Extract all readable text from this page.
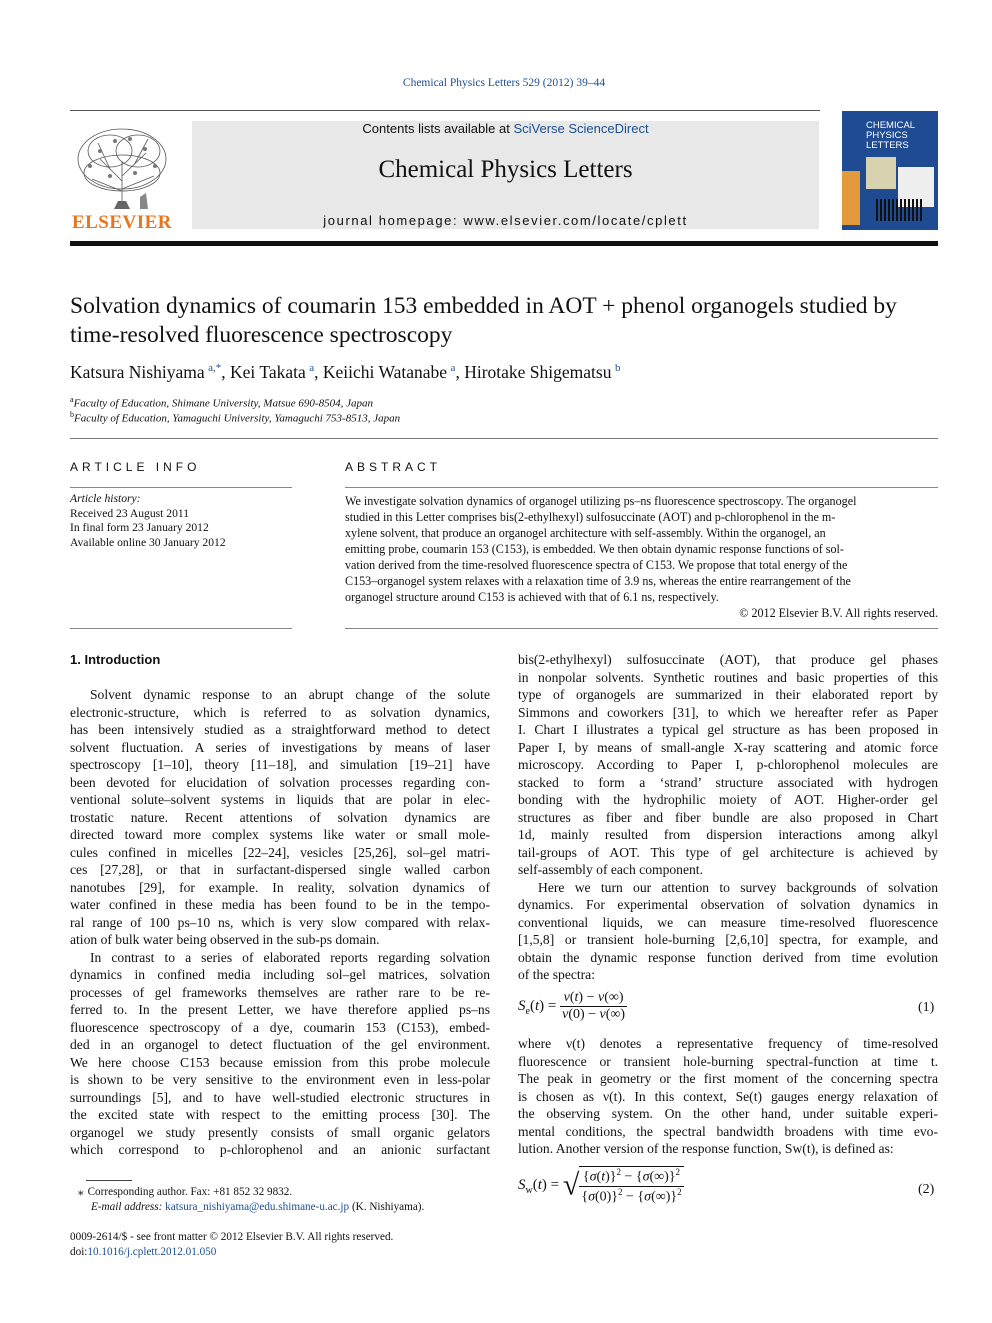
Chemical Physics Letters 529 (2012) 39–44
ELSEVIER
Contents lists available at SciVerse ScienceDirect
Chemical Physics Letters
journal homepage: www.elsevier.com/locate/cplett
CHEMICAL
PHYSICS
LETTERS
Solvation dynamics of coumarin 153 embedded in AOT + phenol organogels studied by time-resolved fluorescence spectroscopy
Katsura Nishiyama  $^{a,*}$, Kei Takata  $^a$, Keiichi Watanabe  $^a$, Hirotake Shigematsu  $^b$
$^a$Faculty of Education, Shimane University, Matsue 690-8504, Japan
$^b$Faculty of Education, Yamaguchi University, Yamaguchi 753-8513, Japan
ARTICLE INFO
Article history:
Received 23 August 2011
In final form 23 January 2012
Available online 30 January 2012
ABSTRACT
We investigate solvation dynamics of organogel utilizing ps–ns fluorescence spectroscopy. The organogel
studied in this Letter comprises bis(2-ethylhexyl) sulfosuccinate (AOT) and p-chlorophenol in the m-
xylene solvent, that produce an organogel architecture with self-assembly. Within the organogel, an
emitting probe, coumarin 153 (C153), is embedded. We then obtain dynamic response functions of sol-
vation derived from the time-resolved fluorescence spectra of C153. We propose that total energy of the
C153–organogel system relaxes with a relaxation time of 3.9 ns, whereas the entire rearrangement of the
organogel structure around C153 is achieved with that of 6.1 ns, respectively.
© 2012 Elsevier B.V. All rights reserved.
1. Introduction
Solvent dynamic response to an abrupt change of the solute
electronic-structure, which is referred to as solvation dynamics,
has been intensively studied as a straightforward method to detect
solvent fluctuation. A series of investigations by means of laser
spectroscopy [1–10], theory [11–18], and simulation [19–21] have
been devoted for elucidation of solvation processes regarding con-
ventional solute–solvent systems in liquids that are polar in elec-
trostatic nature. Recent attentions of solvation dynamics are
directed toward more complex systems like water or small mole-
cules confined in micelles [22–24], vesicles [25,26], sol–gel matri-
ces [27,28], or that in surfactant-dispersed single walled carbon
nanotubes [29], for example. In reality, solvation dynamics of
water confined in these media has been found to be in the tempo-
ral range of 100 ps–10 ns, which is very slow compared with relax-
ation of bulk water being observed in the sub-ps domain.
In contrast to a series of elaborated reports regarding solvation
dynamics in confined media including sol–gel matrices, solvation
processes of gel frameworks themselves are rather rare to be re-
ferred to. In the present Letter, we have therefore applied ps–ns
fluorescence spectroscopy of a dye, coumarin 153 (C153), embed-
ded in an organogel to detect fluctuation of the gel environment.
We here choose C153 because emission from this probe molecule
is shown to be very sensitive to the environment even in less-polar
surroundings [5], and to have well-studied electronic structures in
the excited state with respect to the emitting process [30]. The
organogel we study presently consists of small organic gelators
which correspond to p-chlorophenol and an anionic surfactant
bis(2-ethylhexyl) sulfosuccinate (AOT), that produce gel phases
in nonpolar solvents. Synthetic routines and basic properties of this
type of organogels are summarized in their elaborated report by
Simmons and coworkers [31], to which we hereafter refer as Paper
I. Chart I illustrates a typical gel structure as has been proposed in
Paper I, by means of small-angle X-ray scattering and atomic force
microscopy. According to Paper I, p-chlorophenol molecules are
stacked to form a ‘strand’ structure associated with hydrogen
bonding with the hydrophilic moiety of AOT. Higher-order gel
structures as fiber and fiber bundle are also proposed in Chart
1d, mainly resulted from dispersion interactions among alkyl
tail-groups of AOT. This type of gel architecture is achieved by
self-assembly of each component.
Here we turn our attention to survey backgrounds of solvation
dynamics. For experimental observation of solvation dynamics in
conventional liquids, we can measure time-resolved fluorescence
[1,5,8] or transient hole-burning [2,6,10] spectra, for example, and
obtain the dynamic response function derived from time evolution
of the spectra:
$S_e(t) = \frac{\nu(t) - \nu(\infty)}{\nu(0) - \nu(\infty)}$	(1)
where ν(t) denotes a representative frequency of time-resolved
fluorescence or transient hole-burning spectral-function at time t.
The peak in geometry or the first moment of the concerning spectra
is chosen as ν(t). In this context, Se(t) gauges energy relaxation of
the observing system. On the other hand, under suitable experi-
mental conditions, the spectral bandwidth broadens with time evo-
lution. Another version of the response function, Sw(t), is defined as:
$S_w(t)$ = √ $\frac{\{\sigma(t)\}^2 - \{\sigma(\infty)\}^2}{\{\sigma(0)\}^2 - \{\sigma(\infty)\}^2}$	(2)
⁎ Corresponding author. Fax: +81 852 32 9832.
E-mail address: katsura_nishiyama@edu.shimane-u.ac.jp (K. Nishiyama).
0009-2614/$ - see front matter © 2012 Elsevier B.V. All rights reserved.
doi:10.1016/j.cplett.2012.01.050
